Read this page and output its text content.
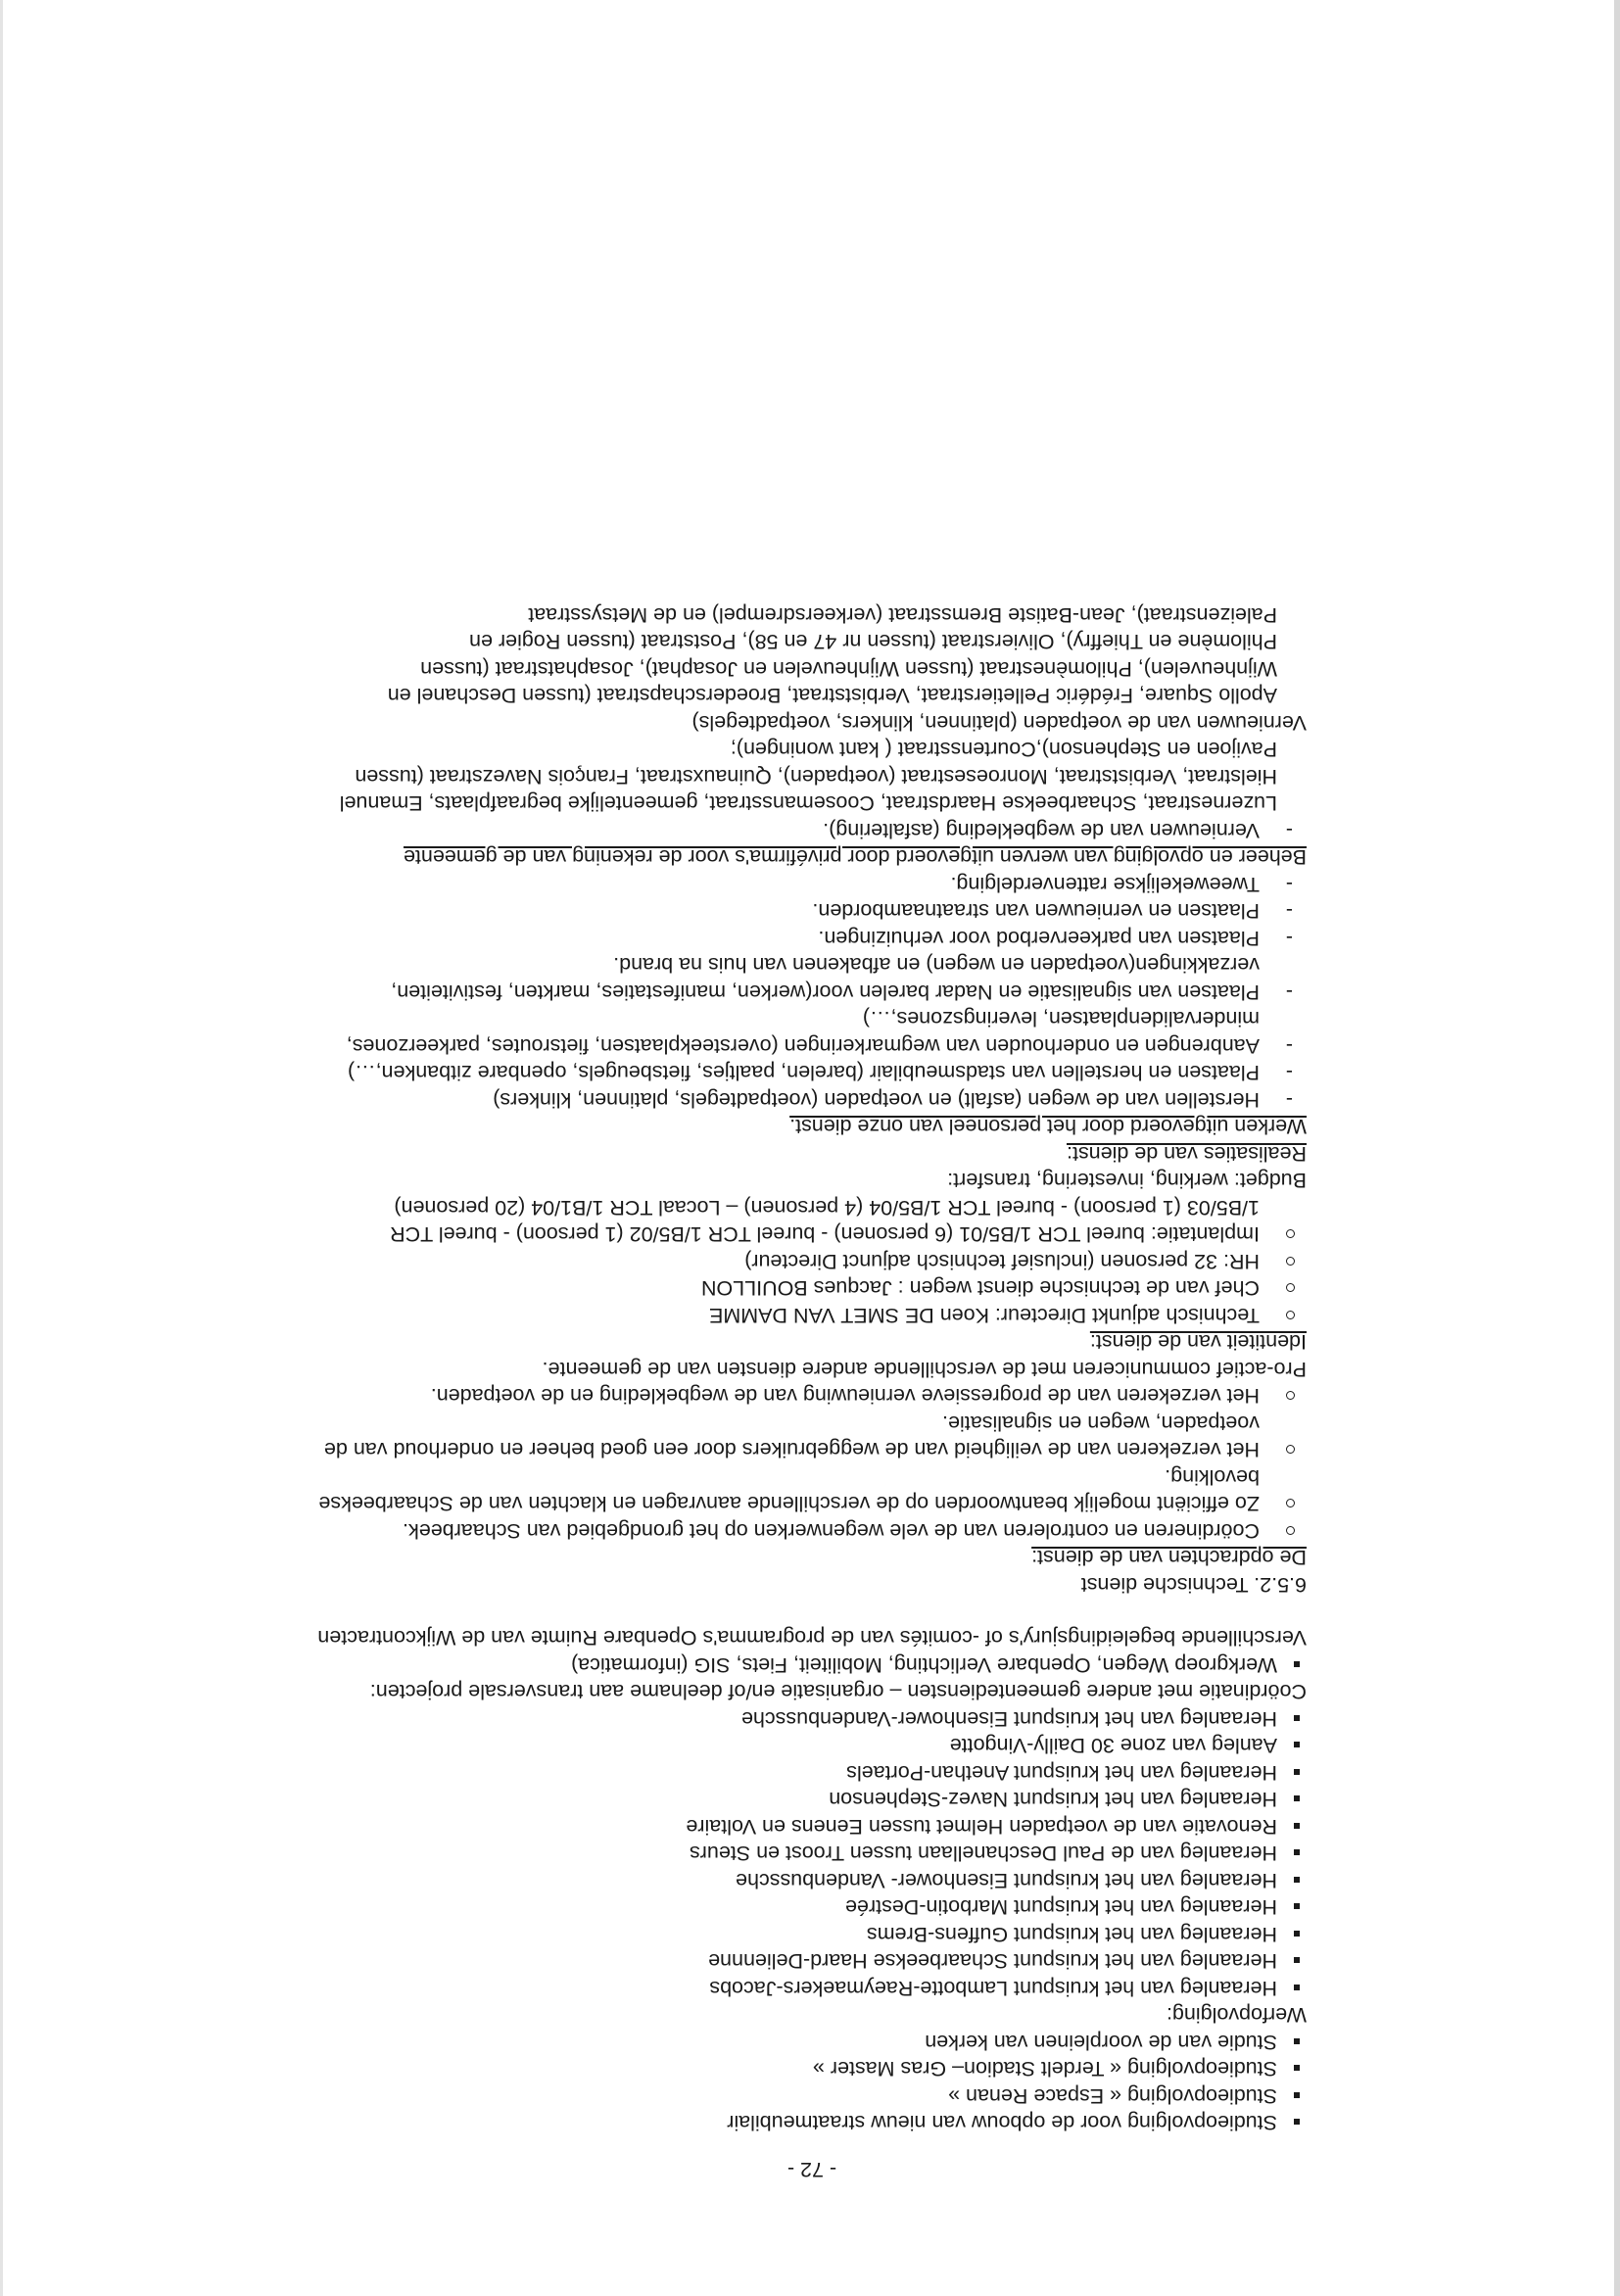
- 72 -
Studieopvolging voor de opbouw van nieuw straatmeubilair
Studieopvolging « Espace Renan »
Studieopvolging « Terdelt Stadion– Gras Master »
Studie van de voorpleinen van kerken
Werfopvolging:
Heraanleg van het kruispunt Lambotte-Raeymaekers-Jacobs
Heraanleg van het kruispunt Schaarbeekse Haard-Deliennne
Heraanleg van het kruispunt Guffens-Brems
Heraanleg van het kruispunt Marbotin-Destrée
Heraanleg van het kruispunt Eisenhower- Vandenbussche
Heraanleg van de Paul Deschanellaan tussen Troost en Steurs
Renovatie van de voetpaden Helmet tussen Eenens en Voltaire
Heraanleg van het kruispunt Navez-Stephenson
Heraanleg van het kruispunt Anethan-Portaels
Aanleg van zone 30 Dailly-Vingotte
Heraanleg van het kruispunt Eisenhower-Vandenbussche
Coördinatie met andere gemeentediensten – organisatie en/of deelname aan transversale projecten:
Werkgroep Wegen, Openbare Verlichting, Mobiliteit, Fiets, SIG (informatica)
Verschillende begeleidingsjury's of -comités van de programma's Openbare Ruimte van de Wijkcontracten
6.5.2. Technische dienst
De opdrachten van de dienst:
Coördineren en controleren van de vele wegenwerken op het grondgebied van Schaarbeek.
Zo efficiënt mogelijk beantwoorden op de verschillende aanvragen en klachten van de Schaarbeekse bevolking.
Het verzekeren van de veiligheid van de weggebruikers door een goed beheer en onderhoud van de voetpaden, wegen en signalisatie.
Het verzekeren van de progressieve vernieuwing van de wegbekleding en de voetpaden.
Pro-actief communiceren met de verschillende andere diensten van de gemeente.
Identiteit van de dienst:
Technisch adjunkt Directeur: Koen DE SMET VAN DAMME
Chef van de technische dienst wegen : Jacques BOUILLON
HR: 32 personen (inclusief technisch adjunct Directeur)
Implantatie: bureel TCR 1/B5/01 (6 personen) - bureel TCR 1/B5/02 (1 persoon) - bureel TCR 1/B5/03 (1 persoon) - bureel TCR 1/B5/04 (4 personen) – Locaal TCR 1/B1/04 (20 personen)
Budget: werking, investering, transfert:
Realisaties van de dienst:
Werken uitgevoerd door het personeel van onze dienst.
- Herstellen van de wegen (asfalt) en voetpaden (voetpadtegels, platinnen, klinkers)
- Plaatsen en herstellen van stadsmeubilair (barelen, paaltjes, fietsbeugels, openbare zitbanken,…)
- Aanbrengen en onderhouden van wegmarkeringen (oversteekplaatsen, fietsroutes, parkeerzones, mindervalidenplaatsen, leveringszones,…)
- Plaatsen van signalisatie en Nadar barelen voor(werken, manifestaties, markten, festiviteiten, verzakkingen(voetpaden en wegen) en afbakenen van huis na brand.
- Plaatsen van parkeerverbod voor verhuizingen.
- Plaatsen en vernieuwen van straatnaamborden.
- Tweewekelijkse rattenverdelging.
Beheer en opvolging van werven uitgevoerd door privéfirma's voor de rekening van de gemeente
- Vernieuwen van de wegbekleding (asfaltering).
Luzernestraat, Schaarbeekse Haardstraat, Coosemansstraat, gemeentelijke begraafplaats, Emanuel Hielstraat, Verbiststraat, Monroesestraat (voetpaden), Quinauxstraat, François Navezstraat (tussen Pavijoen en Stephenson),Courtensstraat ( kant woningen);
Vernieuwen van de voetpaden (platinnen, klinkers, voetpadtegels)
Apollo Square, Frédéric Pelletierstraat, Verbiststraat, Broederschapstraat (tussen Deschanel en Wijnheuvelen), Philomènestraat (tussen Wijnheuvelen en Josaphat), Josaphatstraat (tussen Philomène en Thieffry), Olivierstraat (tussen nr 47 en 58), Poststraat (tussen Rogier en Paleizenstraat), Jean-Batiste Bremsstraat (verkeersdrempel) en de Metsysstraat
